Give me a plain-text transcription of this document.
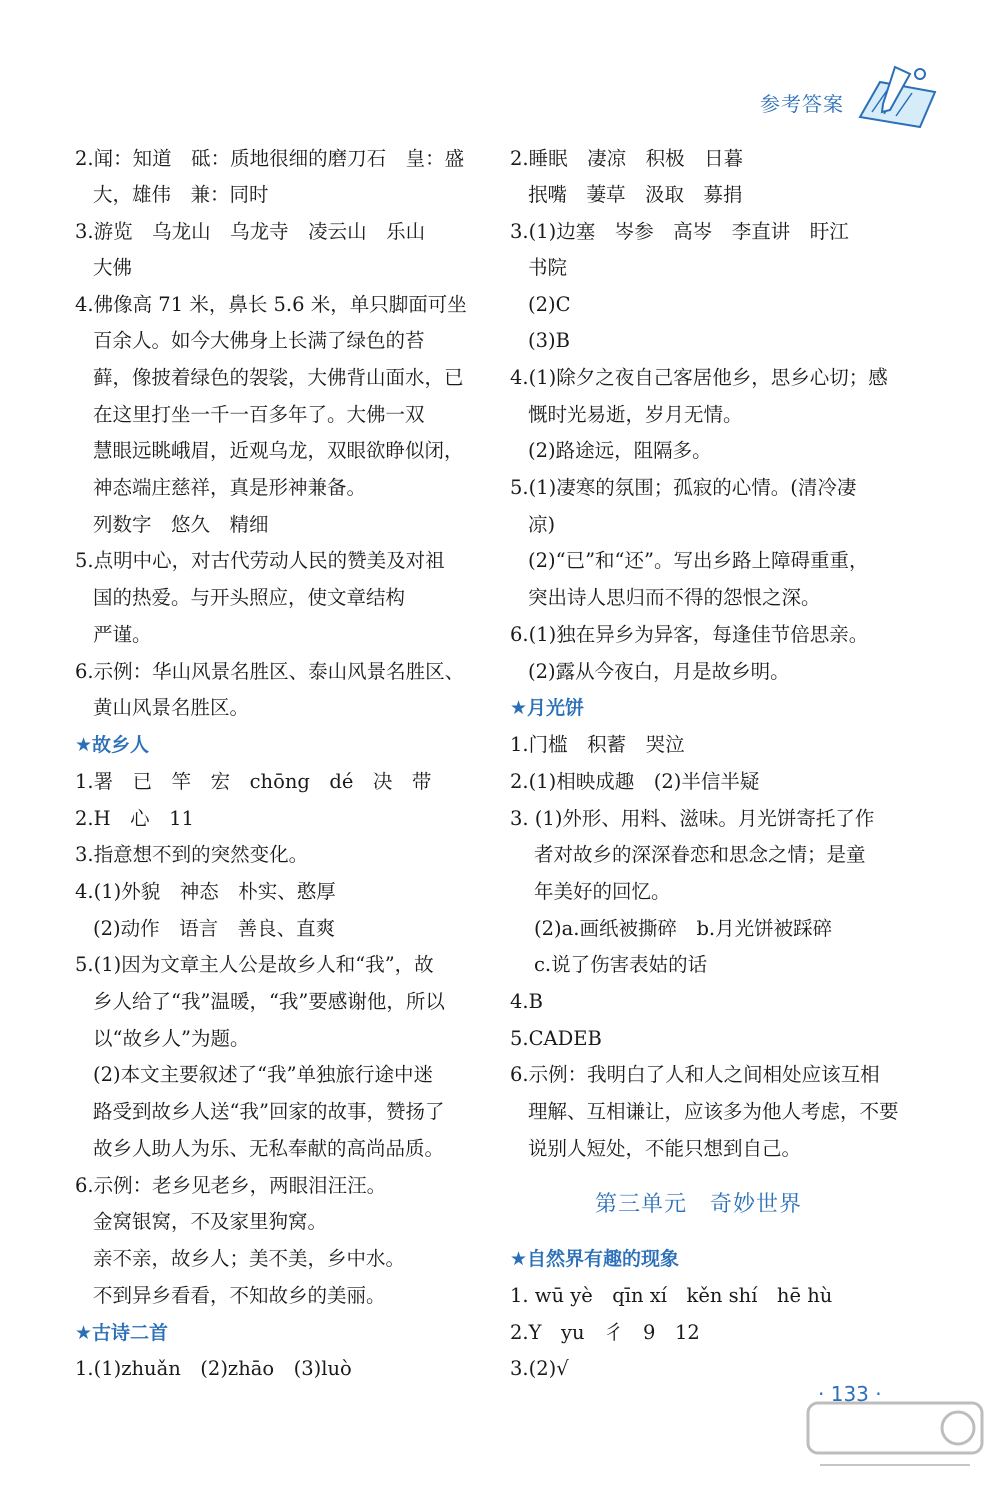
参考答案
2.闻：知道　砥：质地很细的磨刀石　皇：盛
大，雄伟　兼：同时
3.游览　乌龙山　乌龙寺　凌云山　乐山
大佛
4.佛像高 71 米，鼻长 5.6 米，单只脚面可坐
百余人。如今大佛身上长满了绿色的苔
藓，像披着绿色的袈裟，大佛背山面水，已
在这里打坐一千一百多年了。大佛一双
慧眼远眺峨眉，近观乌龙，双眼欲睁似闭，
神态端庄慈祥，真是形神兼备。
列数字　悠久　精细
5.点明中心，对古代劳动人民的赞美及对祖
国的热爱。与开头照应，使文章结构
严谨。
6.示例：华山风景名胜区、泰山风景名胜区、
黄山风景名胜区。
★故乡人
1.署　已　竿　宏　chōng　dé　决　带
2.H　心　11
3.指意想不到的突然变化。
4.(1)外貌　神态　朴实、憨厚
(2)动作　语言　善良、直爽
5.(1)因为文章主人公是故乡人和“我”，故
乡人给了“我”温暖，“我”要感谢他，所以
以“故乡人”为题。
(2)本文主要叙述了“我”单独旅行途中迷
路受到故乡人送“我”回家的故事，赞扬了
故乡人助人为乐、无私奉献的高尚品质。
6.示例：老乡见老乡，两眼泪汪汪。
金窝银窝，不及家里狗窝。
亲不亲，故乡人；美不美，乡中水。
不到异乡看看，不知故乡的美丽。
★古诗二首
1.(1)zhuǎn　(2)zhāo　(3)luò
2.睡眠　凄凉　积极　日暮
抿嘴　萋草　汲取　募捐
3.(1)边塞　岑参　高岑　李直讲　盱江
书院
(2)C
(3)B
4.(1)除夕之夜自己客居他乡，思乡心切；感
慨时光易逝，岁月无情。
(2)路途远，阻隔多。
5.(1)凄寒的氛围；孤寂的心情。(清冷凄
凉)
(2)“已”和“还”。写出乡路上障碍重重，
突出诗人思归而不得的怨恨之深。
6.(1)独在异乡为异客，每逢佳节倍思亲。
(2)露从今夜白，月是故乡明。
★月光饼
1.门槛　积蓄　哭泣
2.(1)相映成趣　(2)半信半疑
3. (1)外形、用料、滋味。月光饼寄托了作
者对故乡的深深眷恋和思念之情；是童
年美好的回忆。
(2)a.画纸被撕碎　b.月光饼被踩碎
c.说了伤害表姑的话
4.B
5.CADEB
6.示例：我明白了人和人之间相处应该互相
理解、互相谦让，应该多为他人考虑，不要
说别人短处，不能只想到自己。
第三单元　奇妙世界
★自然界有趣的现象
1. wū yè　qīn xí　kěn shí　hē hù
2.Y　yu　彳　9　12
3.(2)√
· 133 ·
